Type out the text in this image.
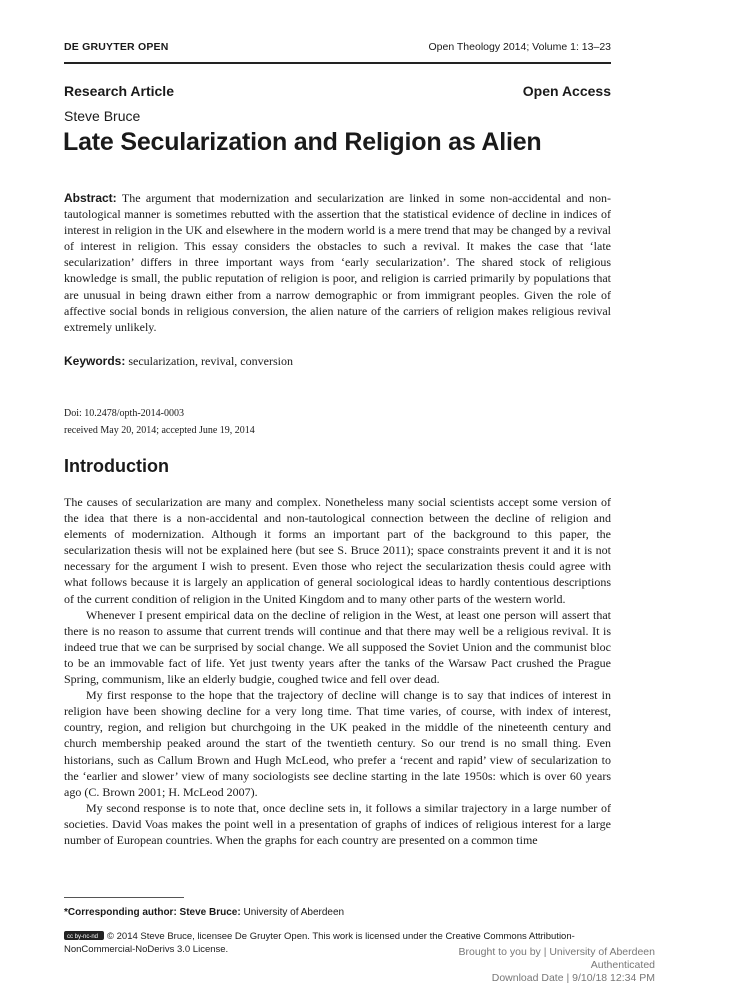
DE GRUYTER OPEN	Open Theology 2014; Volume 1: 13–23
Research Article	Open Access
Steve Bruce
Late Secularization and Religion as Alien
Abstract: The argument that modernization and secularization are linked in some non-accidental and non-tautological manner is sometimes rebutted with the assertion that the statistical evidence of decline in indices of interest in religion in the UK and elsewhere in the modern world is a mere trend that may be changed by a revival of interest in religion. This essay considers the obstacles to such a revival. It makes the case that ‘late secularization’ differs in three important ways from ‘early secularization’. The shared stock of religious knowledge is small, the public reputation of religion is poor, and religion is carried primarily by populations that are unusual in being drawn either from a narrow demographic or from immigrant peoples. Given the role of affective social bonds in religious conversion, the alien nature of the carriers of religion makes religious revival extremely unlikely.
Keywords: secularization, revival, conversion
Doi: 10.2478/opth-2014-0003
received May 20, 2014; accepted June 19, 2014
Introduction

The causes of secularization are many and complex. Nonetheless many social scientists accept some version of the idea that there is a non-accidental and non-tautological connection between the decline of religion and elements of modernization. Although it forms an important part of the background to this paper, the secularization thesis will not be explained here (but see S. Bruce 2011); space constraints prevent it and it is not necessary for the argument I wish to present. Even those who reject the secularization thesis could agree with what follows because it is largely an application of general sociological ideas to hardly contentious descriptions of the current condition of religion in the United Kingdom and to many other parts of the western world.

Whenever I present empirical data on the decline of religion in the West, at least one person will assert that there is no reason to assume that current trends will continue and that there may well be a religious revival. It is indeed true that we can be surprised by social change. We all supposed the Soviet Union and the communist bloc to be an immovable fact of life. Yet just twenty years after the tanks of the Warsaw Pact crushed the Prague Spring, communism, like an elderly budgie, coughed twice and fell over dead.

My first response to the hope that the trajectory of decline will change is to say that indices of interest in religion have been showing decline for a very long time. That time varies, of course, with index of interest, country, region, and religion but churchgoing in the UK peaked in the middle of the nineteenth century and church membership peaked around the start of the twentieth century. So our trend is no small thing. Even historians, such as Callum Brown and Hugh McLeod, who prefer a ‘recent and rapid’ view of secularization to the ‘earlier and slower’ view of many sociologists see decline starting in the late 1950s: which is over 60 years ago (C. Brown 2001; H. McLeod 2007).

My second response is to note that, once decline sets in, it follows a similar trajectory in a large number of societies. David Voas makes the point well in a presentation of graphs of indices of religious interest for a large number of European countries. When the graphs for each country are presented on a common time

*Corresponding author: Steve Bruce: University of Aberdeen
cc by-nc-nd© 2014 Steve Bruce, licensee De Gruyter Open. This work is licensed under the Creative Commons Attribution-NonCommercial-NoDerivs 3.0 License.	Brought to you by | University of Aberdeen
Authenticated
Download Date | 9/10/18 12:34 PM
